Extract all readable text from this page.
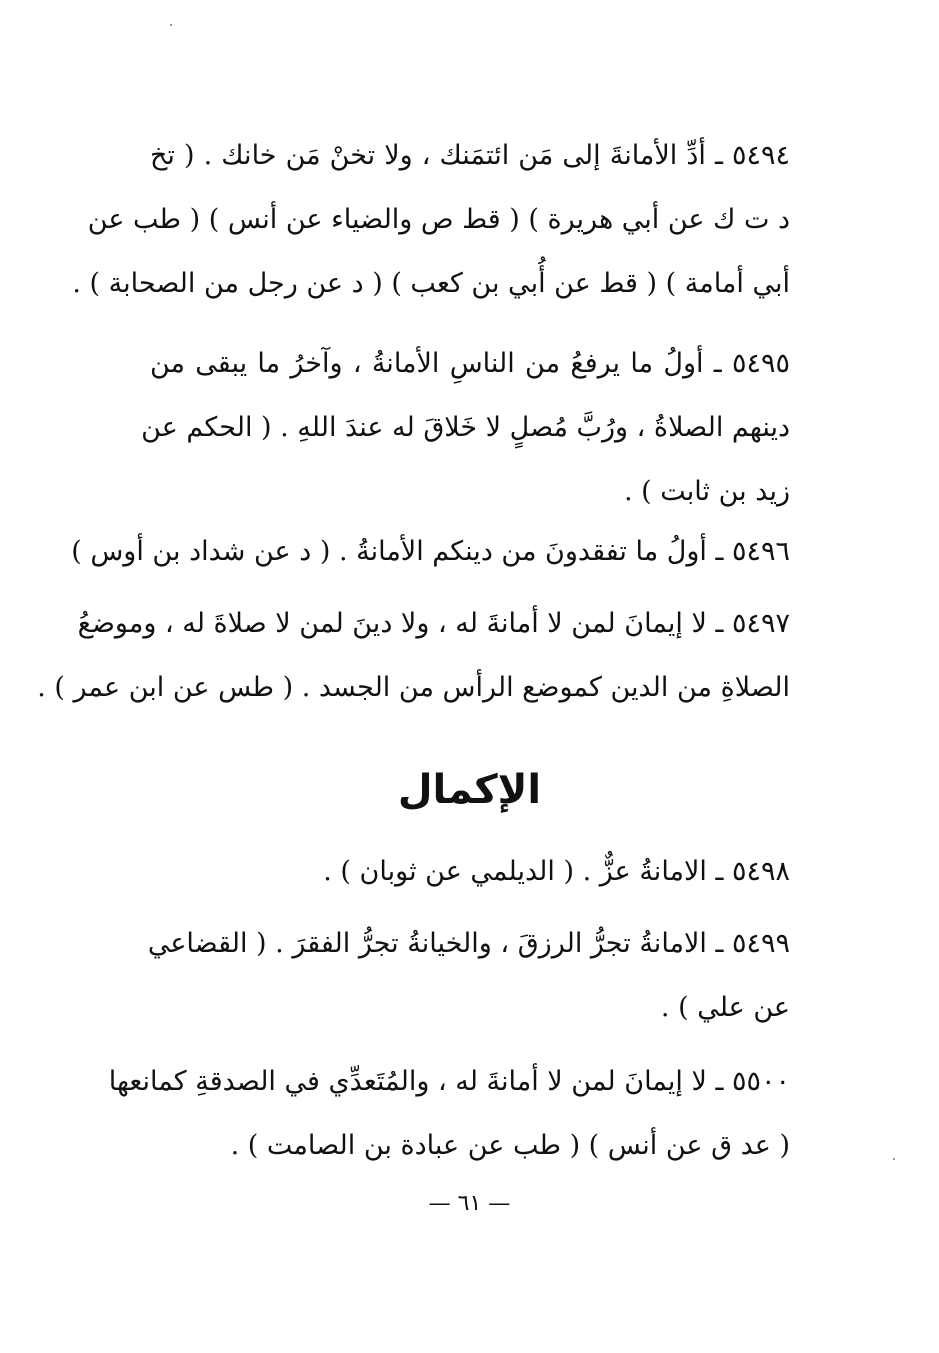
٥٤٩٤ ـ أدِّ الأمانةَ إلى مَن ائتمَنك ، ولا تخنْ مَن خانك . ( تخ
د ت ك عن أبي هريرة ) ( قط ص والضياء عن أنس ) ( طب عن
أبي أمامة ) ( قط عن أُبي بن كعب ) ( د عن رجل من الصحابة ) .
٥٤٩٥ ـ أولُ ما يرفعُ من الناسِ الأمانةُ ، وآخرُ ما يبقى من
دينهم الصلاةُ ، ورُبَّ مُصلٍ لا خَلاقَ له عندَ اللهِ . ( الحكم عن
زيد بن ثابت ) .
٥٤٩٦ ـ أولُ ما تفقدونَ من دينكم الأمانةُ . ( د عن شداد بن أوس )
٥٤٩٧ ـ لا إيمانَ لمن لا أمانةَ له ، ولا دينَ لمن لا صلاةَ له ، وموضعُ
الصلاةِ من الدين كموضع الرأس من الجسد . ( طس عن ابن عمر ) .
الإكمال
٥٤٩٨ ـ الامانةُ عزٌّ . ( الديلمي عن ثوبان ) .
٥٤٩٩ ـ الامانةُ تجرُّ الرزقَ ، والخيانةُ تجرُّ الفقرَ . ( القضاعي
عن علي ) .
٥٥٠٠ ـ لا إيمانَ لمن لا أمانةَ له ، والمُتَعدِّي في الصدقةِ كمانعها
( عد ق عن أنس ) ( طب عن عبادة بن الصامت ) .
— ٦١ —
